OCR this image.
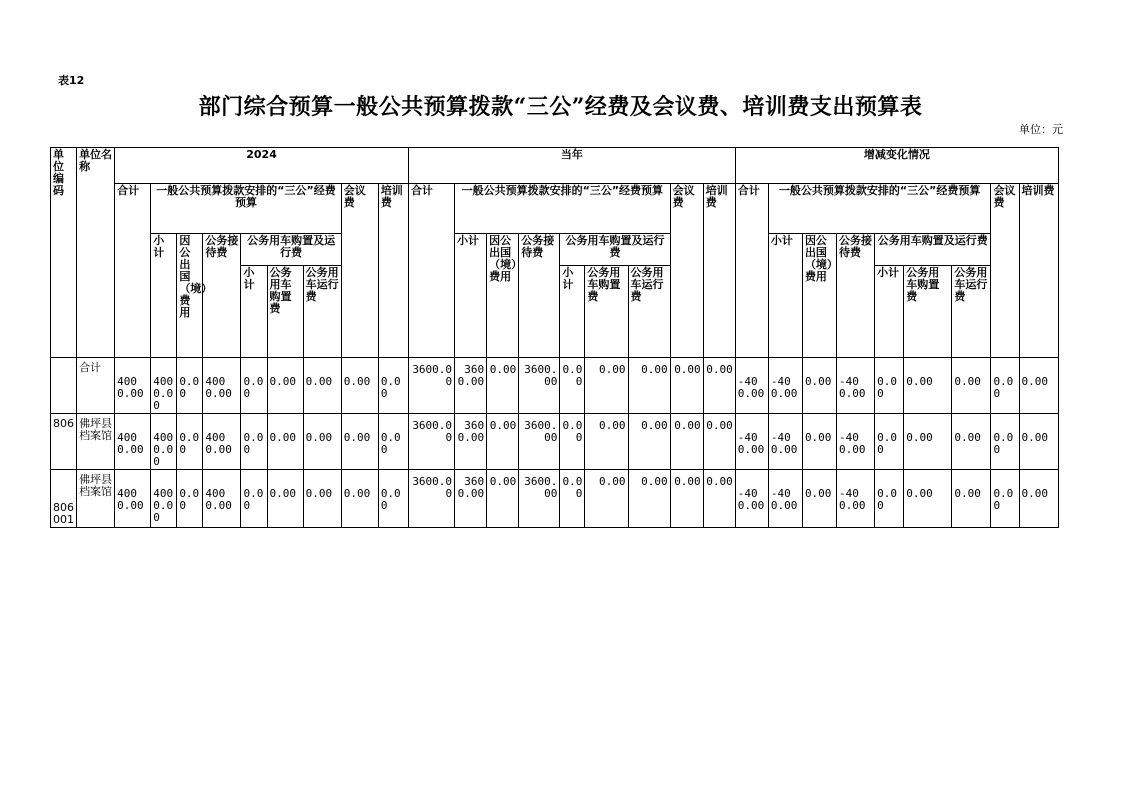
表12
部门综合预算一般公共预算拨款“三公”经费及会议费、培训费支出预算表
单位：元
单位编码	单位名称	2024									当年									增减变化情况								
		合计	一般公共预算拨款安排的“三公”经费预算						会议费	培训费	合计	一般公共预算拨款安排的“三公”经费预算						会议费	培训费	合计	一般公共预算拨款安排的“三公”经费预算						会议费	培训费
			小计	因公出国（境）费用	公务接待费	公务用车购置及运行费						小计	因公出国（境）费用	公务接待费	公务用车购置及运行费						小计	因公出国（境）费用	公务接待费	公务用车购置及运行费				
						小计	公务用车购置费	公务用车运行费							小计	公务用车购置费	公务用车运行费							小计	公务用车购置费	公务用车运行费		
	合计	4000.00	4000.00	0.00	4000.00	0.00	0.00	0.00	0.00	0.00	3600.00	3600.00	0.00	3600.00	0.00	0.00	0.00	0.00	0.00	-400.00	-400.00	0.00	-400.00	0.00	0.00	0.00	0.00	0.00
806	佛坪县档案馆	4000.00	4000.00	0.00	4000.00	0.00	0.00	0.00	0.00	0.00	3600.00	3600.00	0.00	3600.00	0.00	0.00	0.00	0.00	0.00	-400.00	-400.00	0.00	-400.00	0.00	0.00	0.00	0.00	0.00
806001	佛坪县档案馆	4000.00	4000.00	0.00	4000.00	0.00	0.00	0.00	0.00	0.00	3600.00	3600.00	0.00	3600.00	0.00	0.00	0.00	0.00	0.00	-400.00	-400.00	0.00	-400.00	0.00	0.00	0.00	0.00	0.00
